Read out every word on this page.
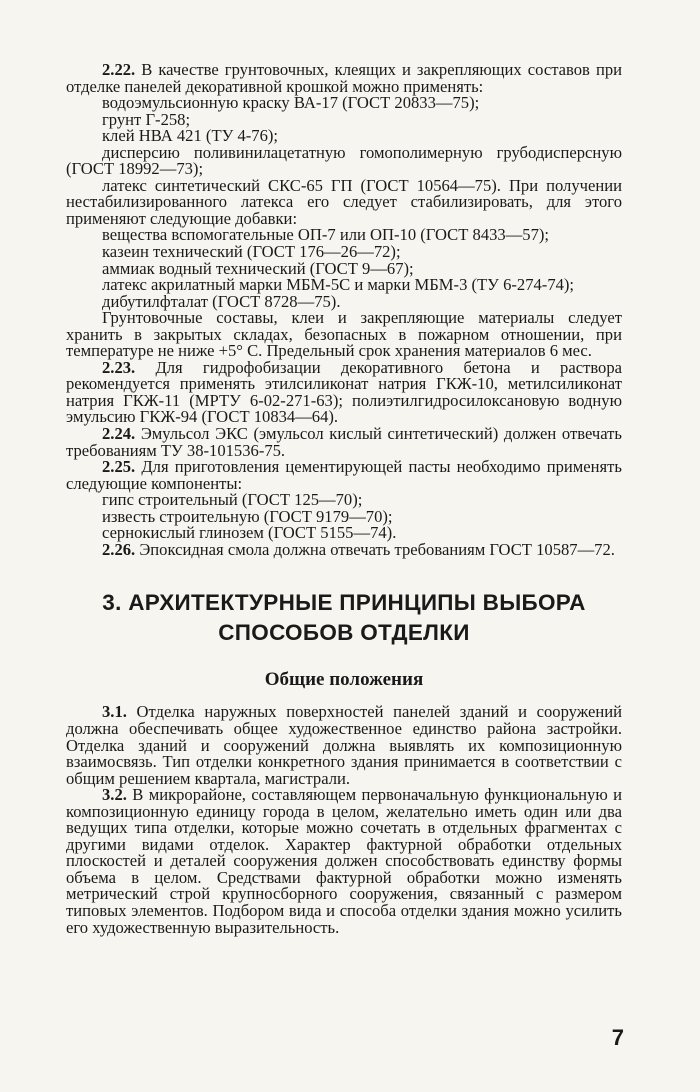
2.22. В качестве грунтовочных, клеящих и закрепляющих составов при отделке панелей декоративной крошкой можно применять:

водоэмульсионную краску ВА-17 (ГОСТ 20833—75);

грунт Г-258;

клей НВА 421 (ТУ 4-76);

дисперсию поливинилацетатную гомополимерную грубодисперсную (ГОСТ 18992—73);

латекс синтетический СКС-65 ГП (ГОСТ 10564—75). При получении нестабилизированного латекса его следует стабилизировать, для этого применяют следующие добавки:

вещества вспомогательные ОП-7 или ОП-10 (ГОСТ 8433—57);

казеин технический (ГОСТ 176—26—72);

аммиак водный технический (ГОСТ 9—67);

латекс акрилатный марки МБМ-5С и марки МБМ-3 (ТУ 6-274-74);

дибутилфталат (ГОСТ 8728—75).

Грунтовочные составы, клеи и закрепляющие материалы следует хранить в закрытых складах, безопасных в пожарном отношении, при температуре не ниже +5° С. Предельный срок хранения материалов 6 мес.

2.23. Для гидрофобизации декоративного бетона и раствора рекомендуется применять этилсиликонат натрия ГКЖ-10, метилсиликонат натрия ГКЖ-11 (МРТУ 6-02-271-63); полиэтилгидросилоксановую водную эмульсию ГКЖ-94 (ГОСТ 10834—64).

2.24. Эмульсол ЭКС (эмульсол кислый синтетический) должен отвечать требованиям ТУ 38-101536-75.

2.25. Для приготовления цементирующей пасты необходимо применять следующие компоненты:

гипс строительный (ГОСТ 125—70);

известь строительную (ГОСТ 9179—70);

сернокислый глинозем (ГОСТ 5155—74).

2.26. Эпоксидная смола должна отвечать требованиям ГОСТ 10587—72.

3. АРХИТЕКТУРНЫЕ ПРИНЦИПЫ ВЫБОРА
СПОСОБОВ ОТДЕЛКИ
Общие положения

3.1. Отделка наружных поверхностей панелей зданий и сооружений должна обеспечивать общее художественное единство района застройки. Отделка зданий и сооружений должна выявлять их композиционную взаимосвязь. Тип отделки конкретного здания принимается в соответствии с общим решением квартала, магистрали.

3.2. В микрорайоне, составляющем первоначальную функциональную и композиционную единицу города в целом, желательно иметь один или два ведущих типа отделки, которые можно сочетать в отдельных фрагментах с другими видами отделок. Характер фактурной обработки отдельных плоскостей и деталей сооружения должен способствовать единству формы объема в целом. Средствами фактурной обработки можно изменять метрический строй крупносборного сооружения, связанный с размером типовых элементов. Подбором вида и способа отделки здания можно усилить его художественную выразительность.

7
